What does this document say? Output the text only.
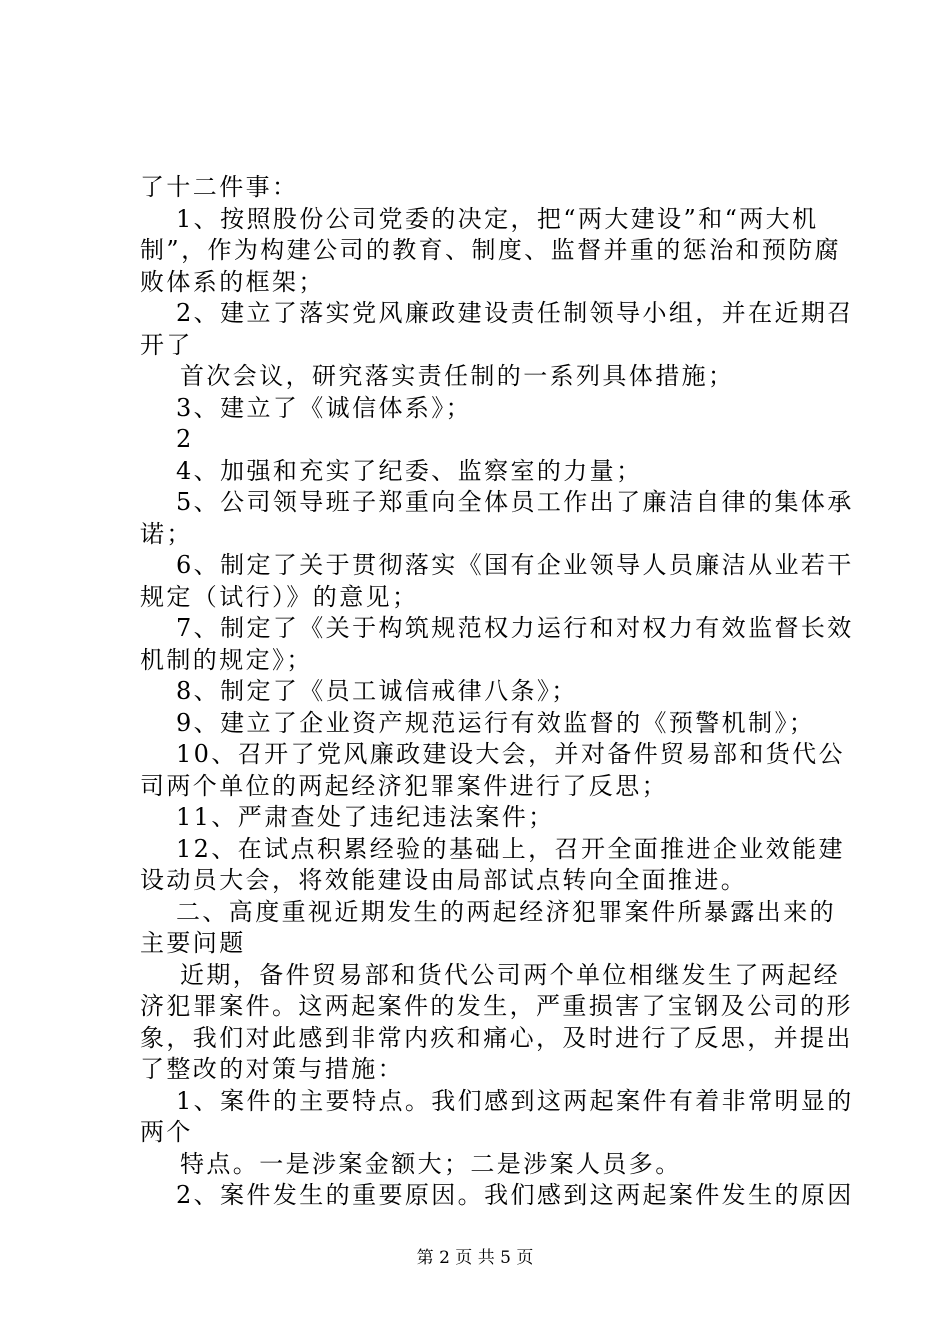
了十二件事：
1、按照股份公司党委的决定，把“两大建设”和“两大机
制”，作为构建公司的教育、制度、监督并重的惩治和预防腐
败体系的框架；
2、建立了落实党风廉政建设责任制领导小组，并在近期召
开了
首次会议，研究落实责任制的一系列具体措施；
3、建立了《诚信体系》；
2
4、加强和充实了纪委、监察室的力量；
5、公司领导班子郑重向全体员工作出了廉洁自律的集体承
诺；
6、制定了关于贯彻落实《国有企业领导人员廉洁从业若干
规定（试行）》的意见；
7、制定了《关于构筑规范权力运行和对权力有效监督长效
机制的规定》；
8、制定了《员工诚信戒律八条》；
9、建立了企业资产规范运行有效监督的《预警机制》；
10、召开了党风廉政建设大会，并对备件贸易部和货代公
司两个单位的两起经济犯罪案件进行了反思；
11、严肃查处了违纪违法案件；
12、在试点积累经验的基础上，召开全面推进企业效能建
设动员大会，将效能建设由局部试点转向全面推进。
二、高度重视近期发生的两起经济犯罪案件所暴露出来的
主要问题
近期，备件贸易部和货代公司两个单位相继发生了两起经
济犯罪案件。这两起案件的发生，严重损害了宝钢及公司的形
象，我们对此感到非常内疚和痛心，及时进行了反思，并提出
了整改的对策与措施：
1、案件的主要特点。我们感到这两起案件有着非常明显的
两个
特点。一是涉案金额大；二是涉案人员多。
2、案件发生的重要原因。我们感到这两起案件发生的原因
第 2 页 共 5 页
